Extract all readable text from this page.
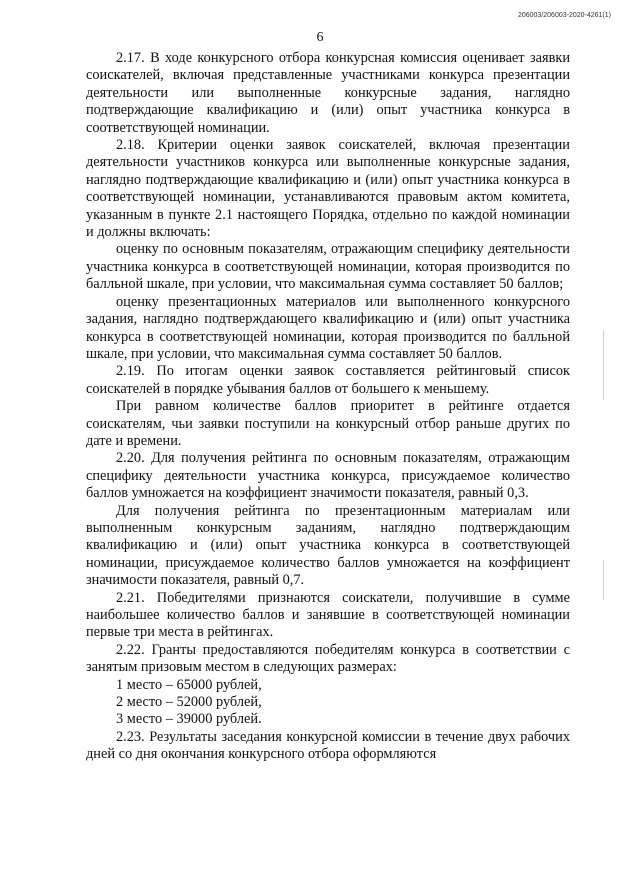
206003/206003-2020-4261(1)
6

2.17. В ходе конкурсного отбора конкурсная комиссия оценивает заявки соискателей, включая представленные участниками конкурса презентации деятельности или выполненные конкурсные задания, наглядно подтверждающие квалификацию и (или) опыт участника конкурса в соответствующей номинации.

2.18. Критерии оценки заявок соискателей, включая презентации деятельности участников конкурса или выполненные конкурсные задания, наглядно подтверждающие квалификацию и (или) опыт участника конкурса в соответствующей номинации, устанавливаются правовым актом комитета, указанным в пункте 2.1 настоящего Порядка, отдельно по каждой номинации и должны включать:

оценку по основным показателям, отражающим специфику деятельности участника конкурса в соответствующей номинации, которая производится по балльной шкале, при условии, что максимальная сумма составляет 50 баллов;

оценку презентационных материалов или выполненного конкурсного задания, наглядно подтверждающего квалификацию и (или) опыт участника конкурса в соответствующей номинации, которая производится по балльной шкале, при условии, что максимальная сумма составляет 50 баллов.

2.19. По итогам оценки заявок составляется рейтинговый список соискателей в порядке убывания баллов от большего к меньшему.

При равном количестве баллов приоритет в рейтинге отдается соискателям, чьи заявки поступили на конкурсный отбор раньше других по дате и времени.

2.20. Для получения рейтинга по основным показателям, отражающим специфику деятельности участника конкурса, присуждаемое количество баллов умножается на коэффициент значимости показателя, равный 0,3.

Для получения рейтинга по презентационным материалам или выполненным конкурсным заданиям, наглядно подтверждающим квалификацию и (или) опыт участника конкурса в соответствующей номинации, присуждаемое количество баллов умножается на коэффициент значимости показателя, равный 0,7.

2.21. Победителями признаются соискатели, получившие в сумме наибольшее количество баллов и занявшие в соответствующей номинации первые три места в рейтингах.

2.22. Гранты предоставляются победителям конкурса в соответствии с занятым призовым местом в следующих размерах:

1 место – 65000 рублей,

2 место – 52000 рублей,

3 место – 39000 рублей.

2.23. Результаты заседания конкурсной комиссии в течение двух рабочих дней со дня окончания конкурсного отбора оформляются
